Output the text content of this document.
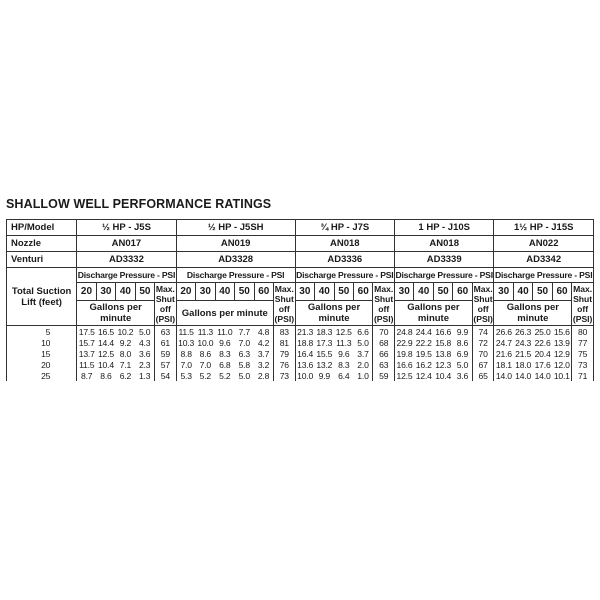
SHALLOW WELL PERFORMANCE RATINGS
HP/Model	½ HP - J5S					½ HP - J5SH						¾ HP - J7S					1 HP - J10S					1½ HP - J15S				
Nozzle	AN017					AN019						AN018					AN018					AN022				
Venturi	AD3332					AD3328						AD3336					AD3339					AD3342				
Total Suction Lift (feet)	Discharge Pressure - PSI					Discharge Pressure - PSI						Discharge Pressure - PSI					Discharge Pressure - PSI					Discharge Pressure - PSI				
	20	30	40	50	Max. Shut off (PSI)	20	30	40	50	60	Max. Shut off (PSI)	30	40	50	60	Max. Shut off (PSI)	30	40	50	60	Max. Shut off (PSI)	30	40	50	60	Max. Shut off (PSI)
	Gallons per minute					Gallons per minute						Gallons per minute					Gallons per minute					Gallons per minute				
5	17.5	16.5	10.2	5.0	63	11.5	11.3	11.0	7.7	4.8	83	21.3	18.3	12.5	6.6	70	24.8	24.4	16.6	9.9	74	26.6	26.3	25.0	15.6	80
10	15.7	14.4	9.2	4.3	61	10.3	10.0	9.6	7.0	4.2	81	18.8	17.3	11.3	5.0	68	22.9	22.2	15.8	8.6	72	24.7	24.3	22.6	13.9	77
15	13.7	12.5	8.0	3.6	59	8.8	8.6	8.3	6.3	3.7	79	16.4	15.5	9.6	3.7	66	19.8	19.5	13.8	6.9	70	21.6	21.5	20.4	12.9	75
20	11.5	10.4	7.1	2.3	57	7.0	7.0	6.8	5.8	3.2	76	13.6	13.2	8.3	2.0	63	16.6	16.2	12.3	5.0	67	18.1	18.0	17.6	12.0	73
25	8.7	8.6	6.2	1.3	54	5.3	5.2	5.2	5.0	2.8	73	10.0	9.9	6.4	1.0	59	12.5	12.4	10.4	3.6	65	14.0	14.0	14.0	10.1	71
